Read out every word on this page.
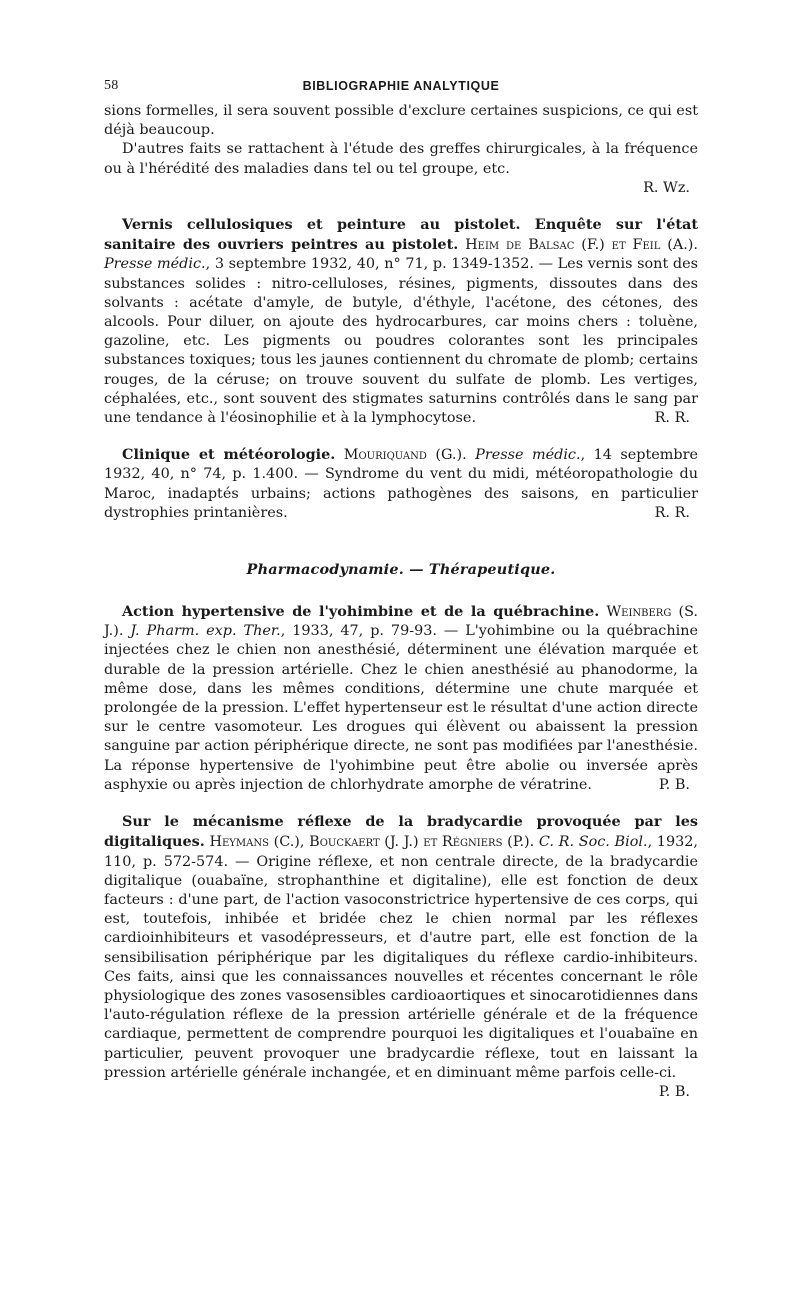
58	BIBLIOGRAPHIE ANALYTIQUE

sions formelles, il sera souvent possible d'exclure certaines suspicions, ce qui est déjà beaucoup.

D'autres faits se rattachent à l'étude des greffes chirurgicales, à la fréquence ou à l'hérédité des maladies dans tel ou tel groupe, etc.

R. Wz.

Vernis cellulosiques et peinture au pistolet. Enquête sur l'état sanitaire des ouvriers peintres au pistolet. Heim de Balsac (F.) et Feil (A.). Presse médic., 3 septembre 1932, 40, n° 71, p. 1349-1352. — Les vernis sont des substances solides : nitro-celluloses, résines, pigments, dissoutes dans des solvants : acétate d'amyle, de butyle, d'éthyle, l'acétone, des cétones, des alcools. Pour diluer, on ajoute des hydrocarbures, car moins chers : toluène, gazoline, etc. Les pigments ou poudres colorantes sont les principales substances toxiques; tous les jaunes contiennent du chromate de plomb; certains rouges, de la céruse; on trouve souvent du sulfate de plomb. Les vertiges, céphalées, etc., sont souvent des stigmates saturnins contrôlés dans le sang par une tendance à l'éosinophilie et à la lymphocytose.	R. R.

Clinique et météorologie. Mouriquand (G.). Presse médic., 14 septembre 1932, 40, n° 74, p. 1.400. — Syndrome du vent du midi, météoropathologie du Maroc, inadaptés urbains; actions pathogènes des saisons, en particulier dystrophies printanières.	R. R.

Pharmacodynamie. — Thérapeutique.

Action hypertensive de l'yohimbine et de la québrachine. Weinberg (S. J.). J. Pharm. exp. Ther., 1933, 47, p. 79-93. — L'yohimbine ou la québrachine injectées chez le chien non anesthésié, déterminent une élévation marquée et durable de la pression artérielle. Chez le chien anesthésié au phanodorme, la même dose, dans les mêmes conditions, détermine une chute marquée et prolongée de la pression. L'effet hypertenseur est le résultat d'une action directe sur le centre vasomoteur. Les drogues qui élèvent ou abaissent la pression sanguine par action périphérique directe, ne sont pas modifiées par l'anesthésie. La réponse hypertensive de l'yohimbine peut être abolie ou inversée après asphyxie ou après injection de chlorhydrate amorphe de vératrine.	P. B.

Sur le mécanisme réflexe de la bradycardie provoquée par les digitaliques. Heymans (C.), Bouckaert (J. J.) et Régniers (P.). C. R. Soc. Biol., 1932, 110, p. 572-574. — Origine réflexe, et non centrale directe, de la bradycardie digitalique (ouabaïne, strophanthine et digitaline), elle est fonction de deux facteurs : d'une part, de l'action vasoconstrictrice hypertensive de ces corps, qui est, toutefois, inhibée et bridée chez le chien normal par les réflexes cardioinhibiteurs et vasodépresseurs, et d'autre part, elle est fonction de la sensibilisation périphérique par les digitaliques du réflexe cardio-inhibiteurs. Ces faits, ainsi que les connaissances nouvelles et récentes concernant le rôle physiologique des zones vasosensibles cardioaortiques et sinocarotidiennes dans l'auto-régulation réflexe de la pression artérielle générale et de la fréquence cardiaque, permettent de comprendre pourquoi les digitaliques et l'ouabaïne en particulier, peuvent provoquer une bradycardie réflexe, tout en laissant la pression artérielle générale inchangée, et en diminuant même parfois celle-ci.
P. B.
